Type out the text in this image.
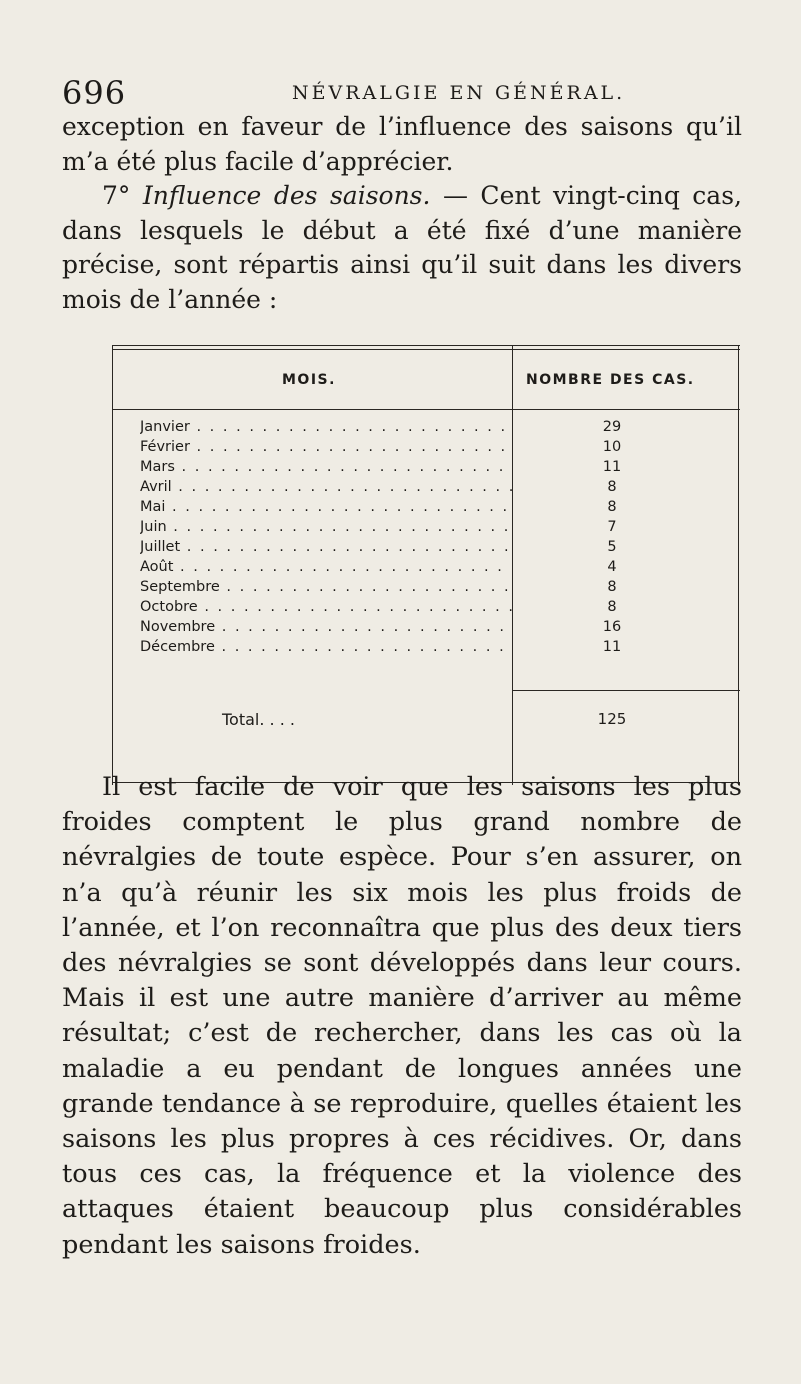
696	NÉVRALGIE EN GÉNÉRAL.

exception en faveur de l’influence des saisons qu’il m’a été plus facile d’apprécier.

7° Influence des saisons. — Cent vingt-cinq cas, dans lesquels le début a été fixé d’une manière précise, sont répartis ainsi qu’il suit dans les divers mois de l’année :

MOIS.	NOMBRE DES CAS.
Janvier . . .	29
Février . . .	10
Mars . . .	11
Avril . . .	8
Mai . . .	8
Juin . . .	7
Juillet . . .	5
Août . . .	4
Septembre . . .	8
Octobre . . .	8
Novembre . . .	16
Décembre . . .	11
Total. . . .	125

Il est facile de voir que les saisons les plus froides comptent le plus grand nombre de névralgies de toute espèce. Pour s’en assurer, on n’a qu’à réunir les six mois les plus froids de l’année, et l’on reconnaîtra que plus des deux tiers des névralgies se sont développés dans leur cours. Mais il est une autre manière d’arriver au même résultat; c’est de rechercher, dans les cas où la maladie a eu pendant de longues années une grande tendance à se reproduire, quelles étaient les saisons les plus propres à ces récidives. Or, dans tous ces cas, la fréquence et la violence des attaques étaient beaucoup plus considérables pendant les saisons froides.
